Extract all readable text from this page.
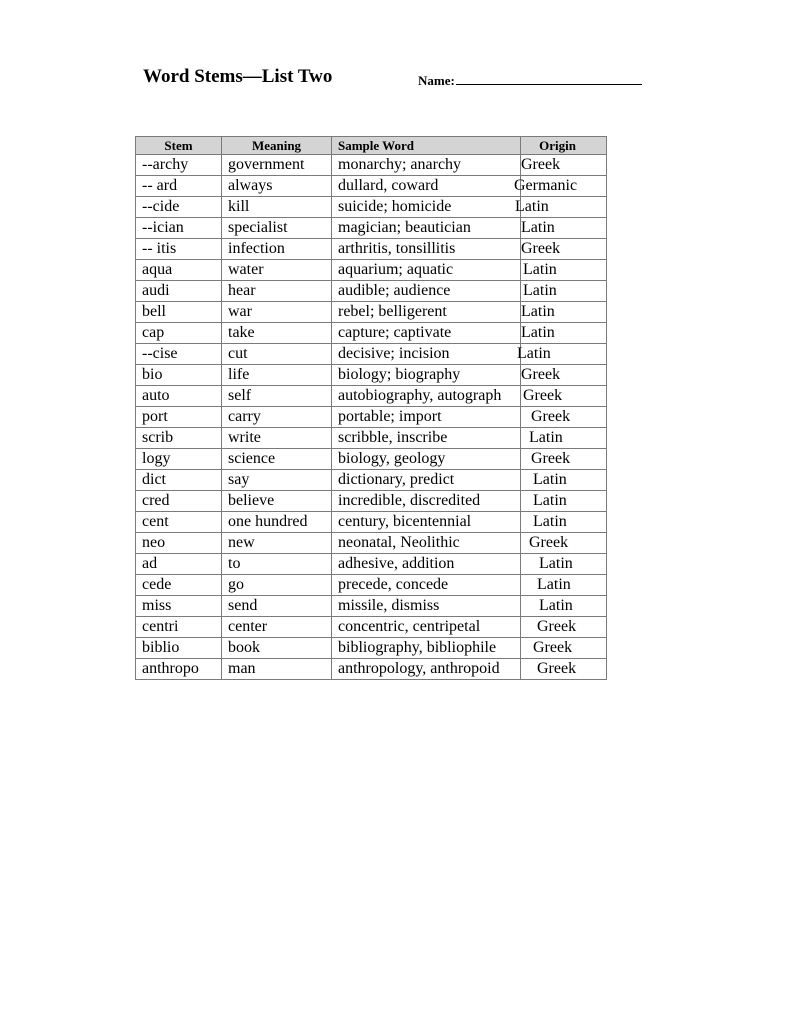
Word Stems—List Two	Name:
Stem	Meaning	Sample Word	Origin
--archy	government	monarchy; anarchy	Greek
-- ard	always	dullard, coward	Germanic
--cide	kill	suicide; homicide	Latin
--ician	specialist	magician; beautician	Latin
-- itis	infection	arthritis, tonsillitis	Greek
aqua	water	aquarium; aquatic	Latin
audi	hear	audible; audience	Latin
bell	war	rebel; belligerent	Latin
cap	take	capture; captivate	Latin
--cise	cut	decisive; incision	Latin
bio	life	biology; biography	Greek
auto	self	autobiography, autograph	Greek
port	carry	portable; import	Greek
scrib	write	scribble, inscribe	Latin
logy	science	biology, geology	Greek
dict	say	dictionary, predict	Latin
cred	believe	incredible, discredited	Latin
cent	one hundred	century, bicentennial	Latin
neo	new	neonatal, Neolithic	Greek
ad	to	adhesive, addition	Latin
cede	go	precede, concede	Latin
miss	send	missile, dismiss	Latin
centri	center	concentric, centripetal	Greek
biblio	book	bibliography, bibliophile	Greek
anthropo	man	anthropology, anthropoid	Greek
